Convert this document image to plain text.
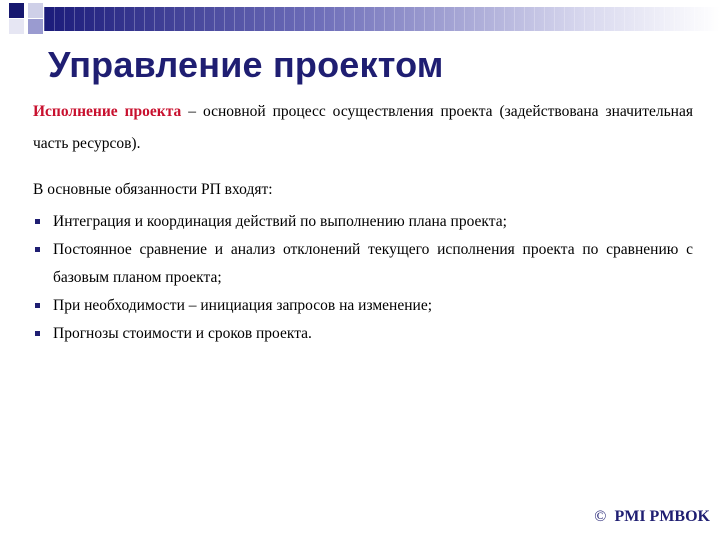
Управление проектом

Исполнение проекта – основной процесс осуществления проекта (задействована значительная часть ресурсов).

В основные обязанности РП входят:

Интеграция и координация действий по выполнению плана проекта;
Постоянное сравнение и анализ отклонений текущего исполнения проекта по сравнению с базовым планом проекта;
При необходимости – инициация запросов на изменение;
Прогнозы стоимости и сроков проекта.
© PMI PMBOK
